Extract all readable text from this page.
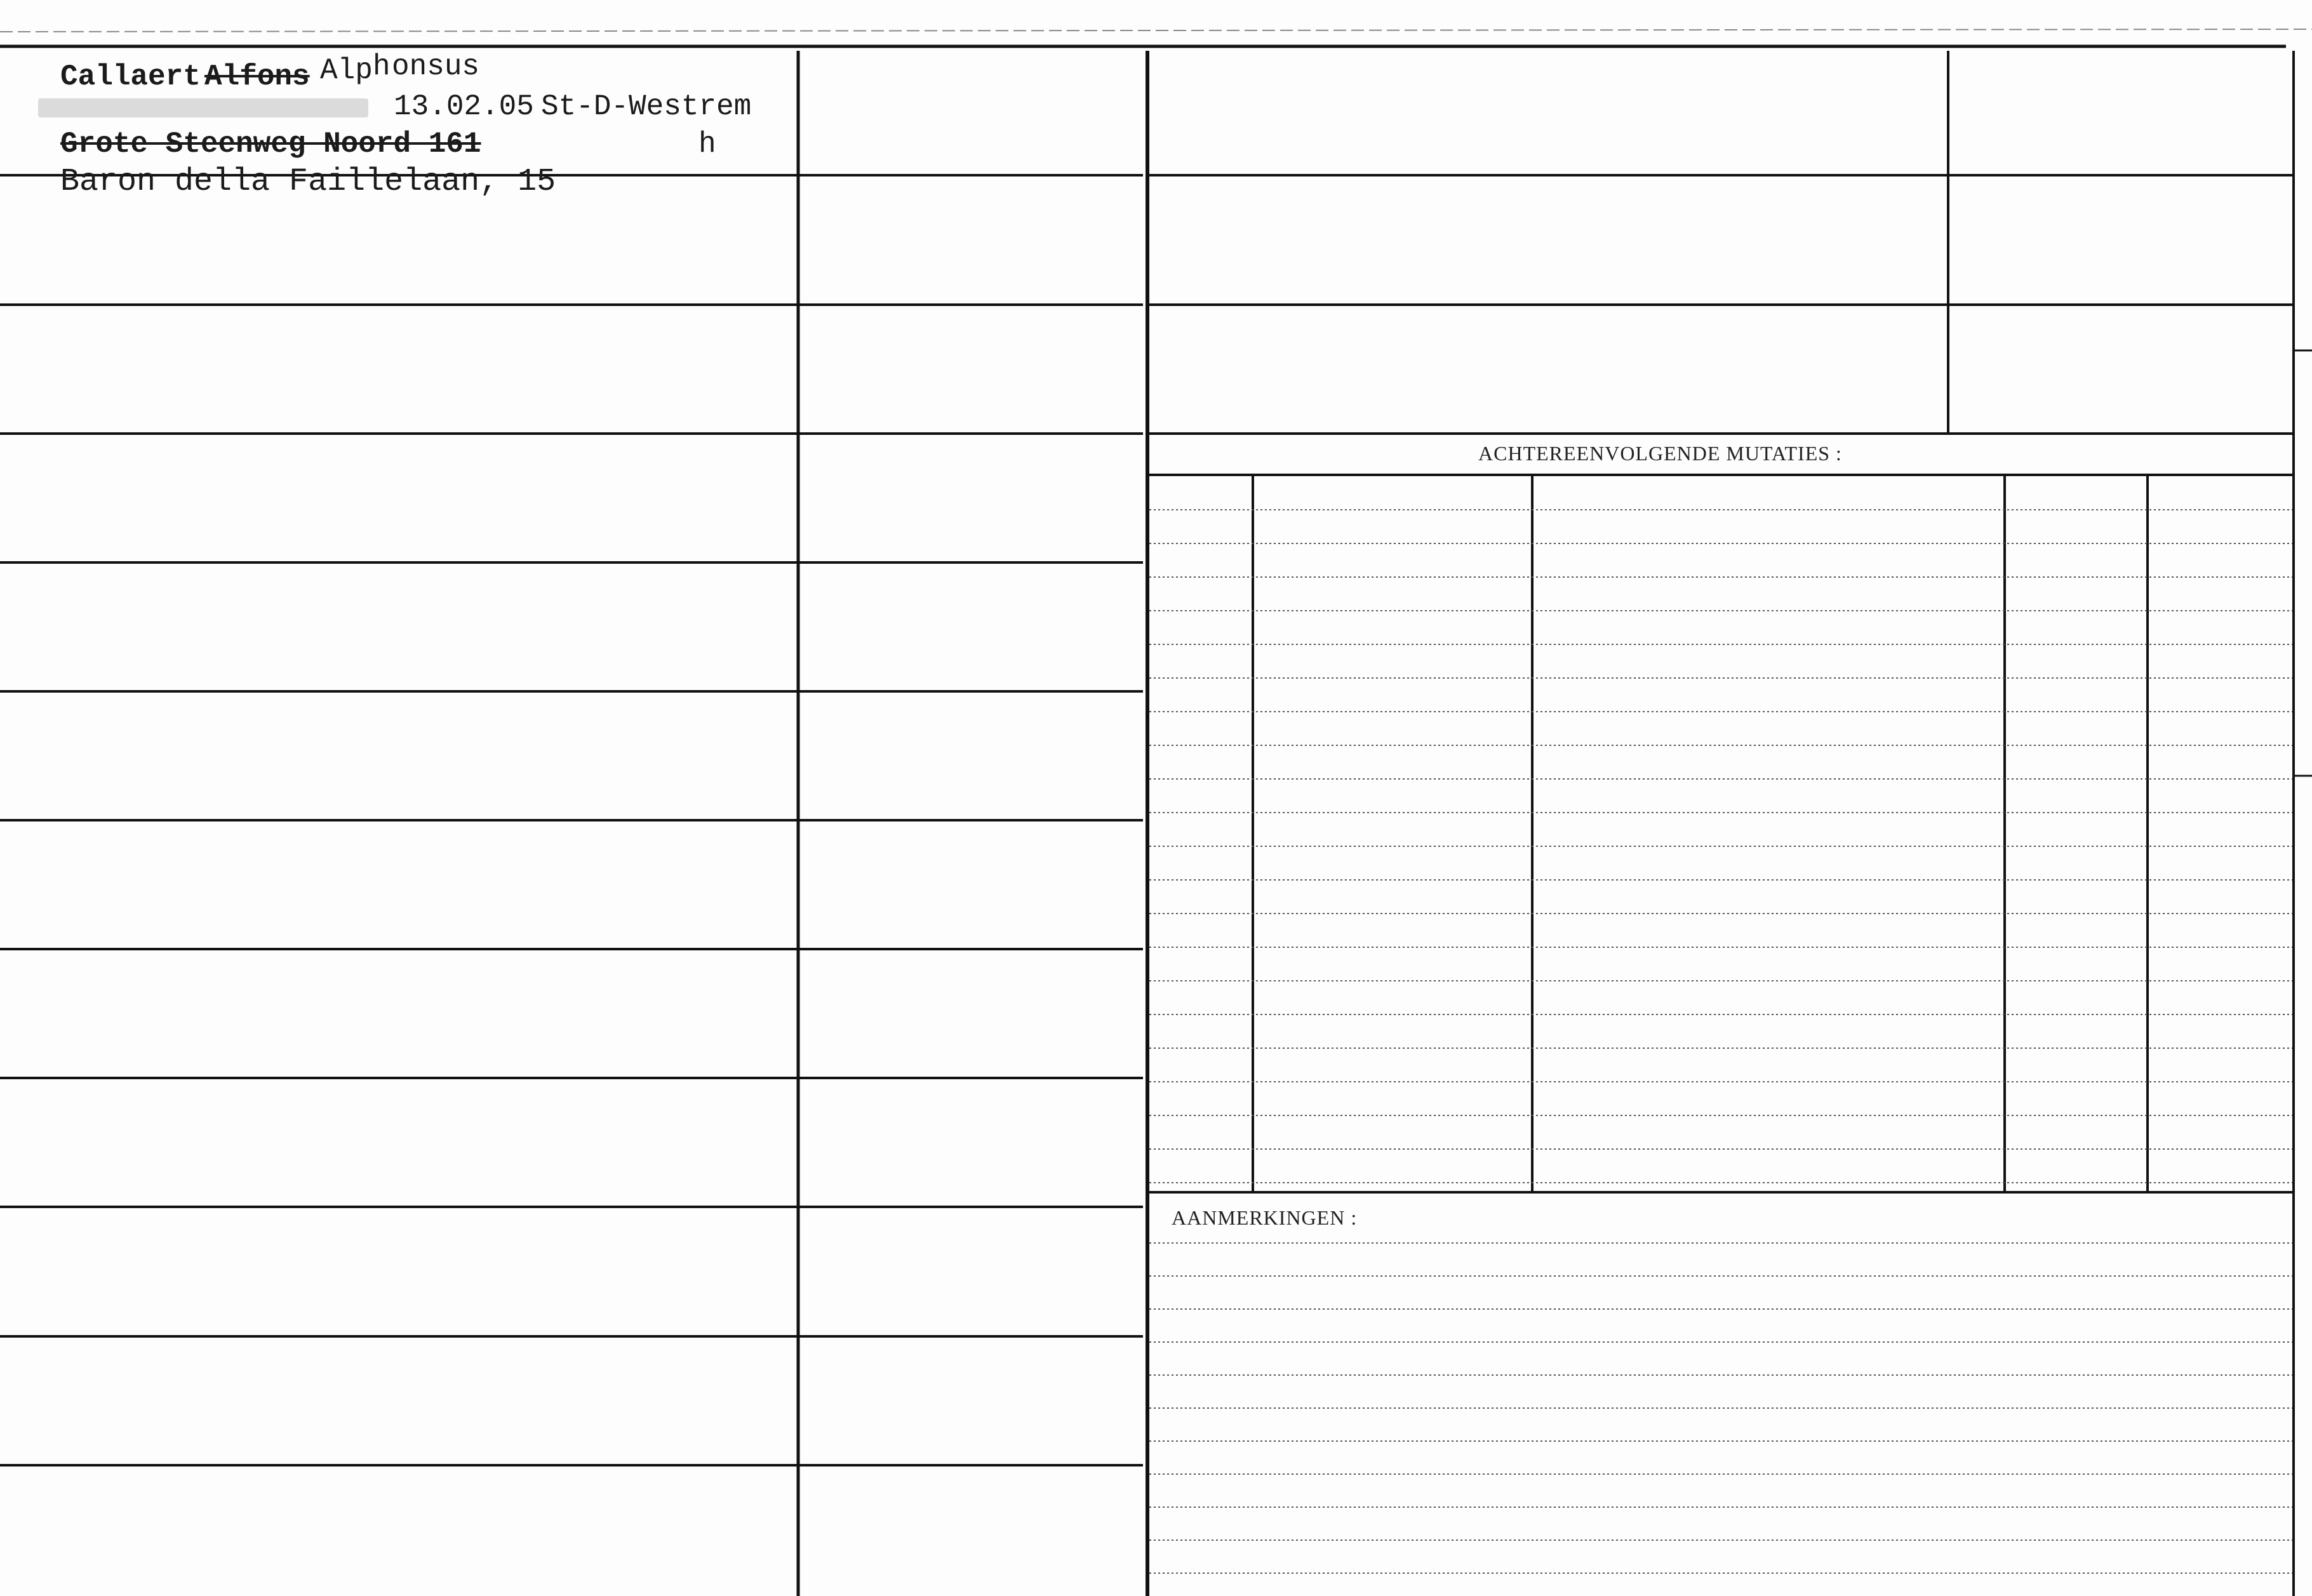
Callaert Alfons Alp h onsus
13.02.05 St-D-Westrem
Grote Steenweg Noord 161	h
Baron della Faillelaan, 15
ACHTEREENVOLGENDE MUTATIES :
AANMERKINGEN :
